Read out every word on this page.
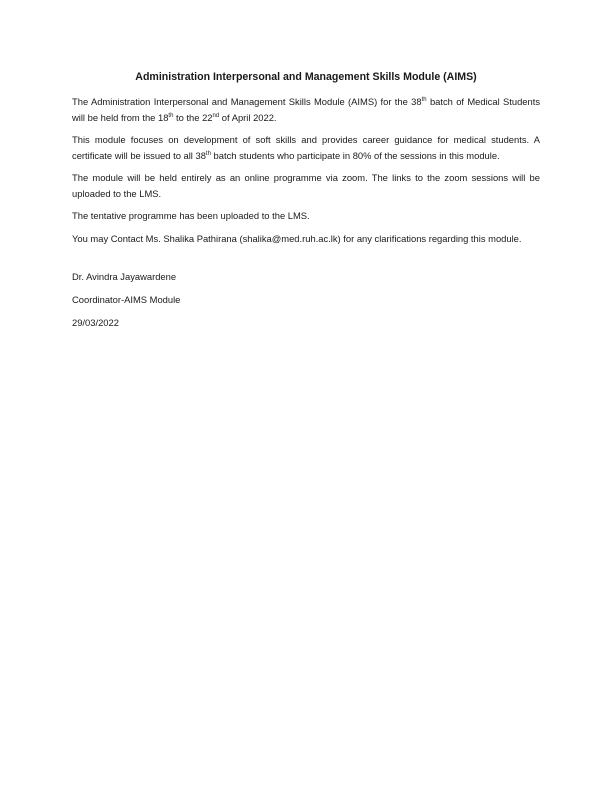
Administration Interpersonal and Management Skills Module (AIMS)

The Administration Interpersonal and Management Skills Module (AIMS) for the 38th batch of Medical Students will be held from the 18th to the 22nd of April 2022.

This module focuses on development of soft skills and provides career guidance for medical students. A certificate will be issued to all 38th batch students who participate in 80% of the sessions in this module.

The module will be held entirely as an online programme via zoom. The links to the zoom sessions will be uploaded to the LMS.

The tentative programme has been uploaded to the LMS.

You may Contact Ms. Shalika Pathirana (shalika@med.ruh.ac.lk) for any clarifications regarding this module.

Dr. Avindra Jayawardene

Coordinator-AIMS Module

29/03/2022
